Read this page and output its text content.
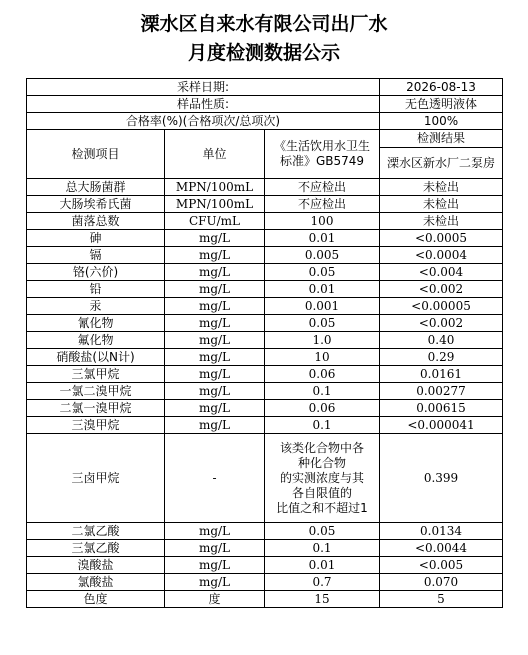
溧水区自来水有限公司出厂水
月度检测数据公示
采样日期:			2026-08-13
样品性质:			无色透明液体
合格率(%)(合格项次/总项次)			100%
检测项目	单位	《生活饮用水卫生标准》GB5749	检测结果
			溧水区新水厂二泵房
总大肠菌群	MPN/100mL	不应检出	未检出
大肠埃希氏菌	MPN/100mL	不应检出	未检出
菌落总数	CFU/mL	100	未检出
砷	mg/L	0.01	<0.0005
镉	mg/L	0.005	<0.0004
铬(六价)	mg/L	0.05	<0.004
铅	mg/L	0.01	<0.002
汞	mg/L	0.001	<0.00005
氰化物	mg/L	0.05	<0.002
氟化物	mg/L	1.0	0.40
硝酸盐(以N计)	mg/L	10	0.29
三氯甲烷	mg/L	0.06	0.0161
一氯二溴甲烷	mg/L	0.1	0.00277
二氯一溴甲烷	mg/L	0.06	0.00615
三溴甲烷	mg/L	0.1	<0.000041
三卤甲烷	-	该类化合物中各
种化合物
的实测浓度与其
各自限值的
比值之和不超过1	0.399
二氯乙酸	mg/L	0.05	0.0134
三氯乙酸	mg/L	0.1	<0.0044
溴酸盐	mg/L	0.01	<0.005
氯酸盐	mg/L	0.7	0.070
色度	度	15	5
